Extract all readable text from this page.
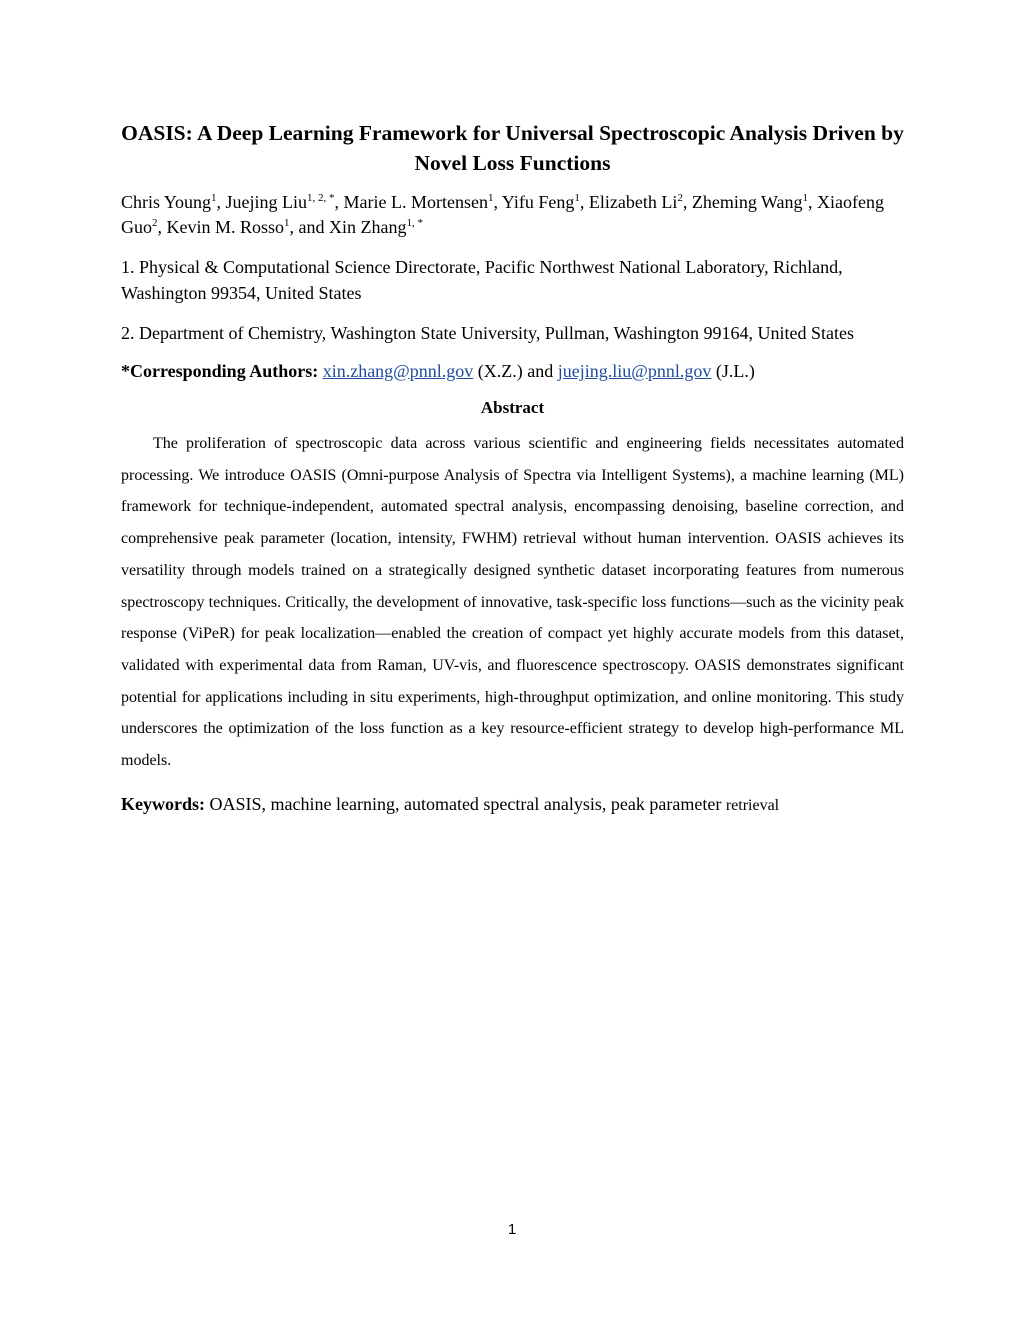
OASIS: A Deep Learning Framework for Universal Spectroscopic Analysis Driven by Novel Loss Functions
Chris Young$^1$, Juejing Liu$^{1, 2, *}$, Marie L. Mortensen$^1$, Yifu Feng$^1$, Elizabeth Li$^2$, Zheming Wang$^1$, Xiaofeng Guo$^2$, Kevin M. Rosso$^1$, and Xin Zhang$^{1, *}$
1. Physical & Computational Science Directorate, Pacific Northwest National Laboratory, Richland, Washington 99354, United States
2. Department of Chemistry, Washington State University, Pullman, Washington 99164, United States
*Corresponding Authors: xin.zhang@pnnl.gov (X.Z.) and juejing.liu@pnnl.gov (J.L.)
Abstract
The proliferation of spectroscopic data across various scientific and engineering fields necessitates automated processing. We introduce OASIS (Omni-purpose Analysis of Spectra via Intelligent Systems), a machine learning (ML) framework for technique-independent, automated spectral analysis, encompassing denoising, baseline correction, and comprehensive peak parameter (location, intensity, FWHM) retrieval without human intervention. OASIS achieves its versatility through models trained on a strategically designed synthetic dataset incorporating features from numerous spectroscopy techniques. Critically, the development of innovative, task-specific loss functions—such as the vicinity peak response (ViPeR) for peak localization—enabled the creation of compact yet highly accurate models from this dataset, validated with experimental data from Raman, UV-vis, and fluorescence spectroscopy. OASIS demonstrates significant potential for applications including in situ experiments, high-throughput optimization, and online monitoring. This study underscores the optimization of the loss function as a key resource-efficient strategy to develop high-performance ML models.
Keywords: OASIS, machine learning, automated spectral analysis, peak parameter retrieval
1
